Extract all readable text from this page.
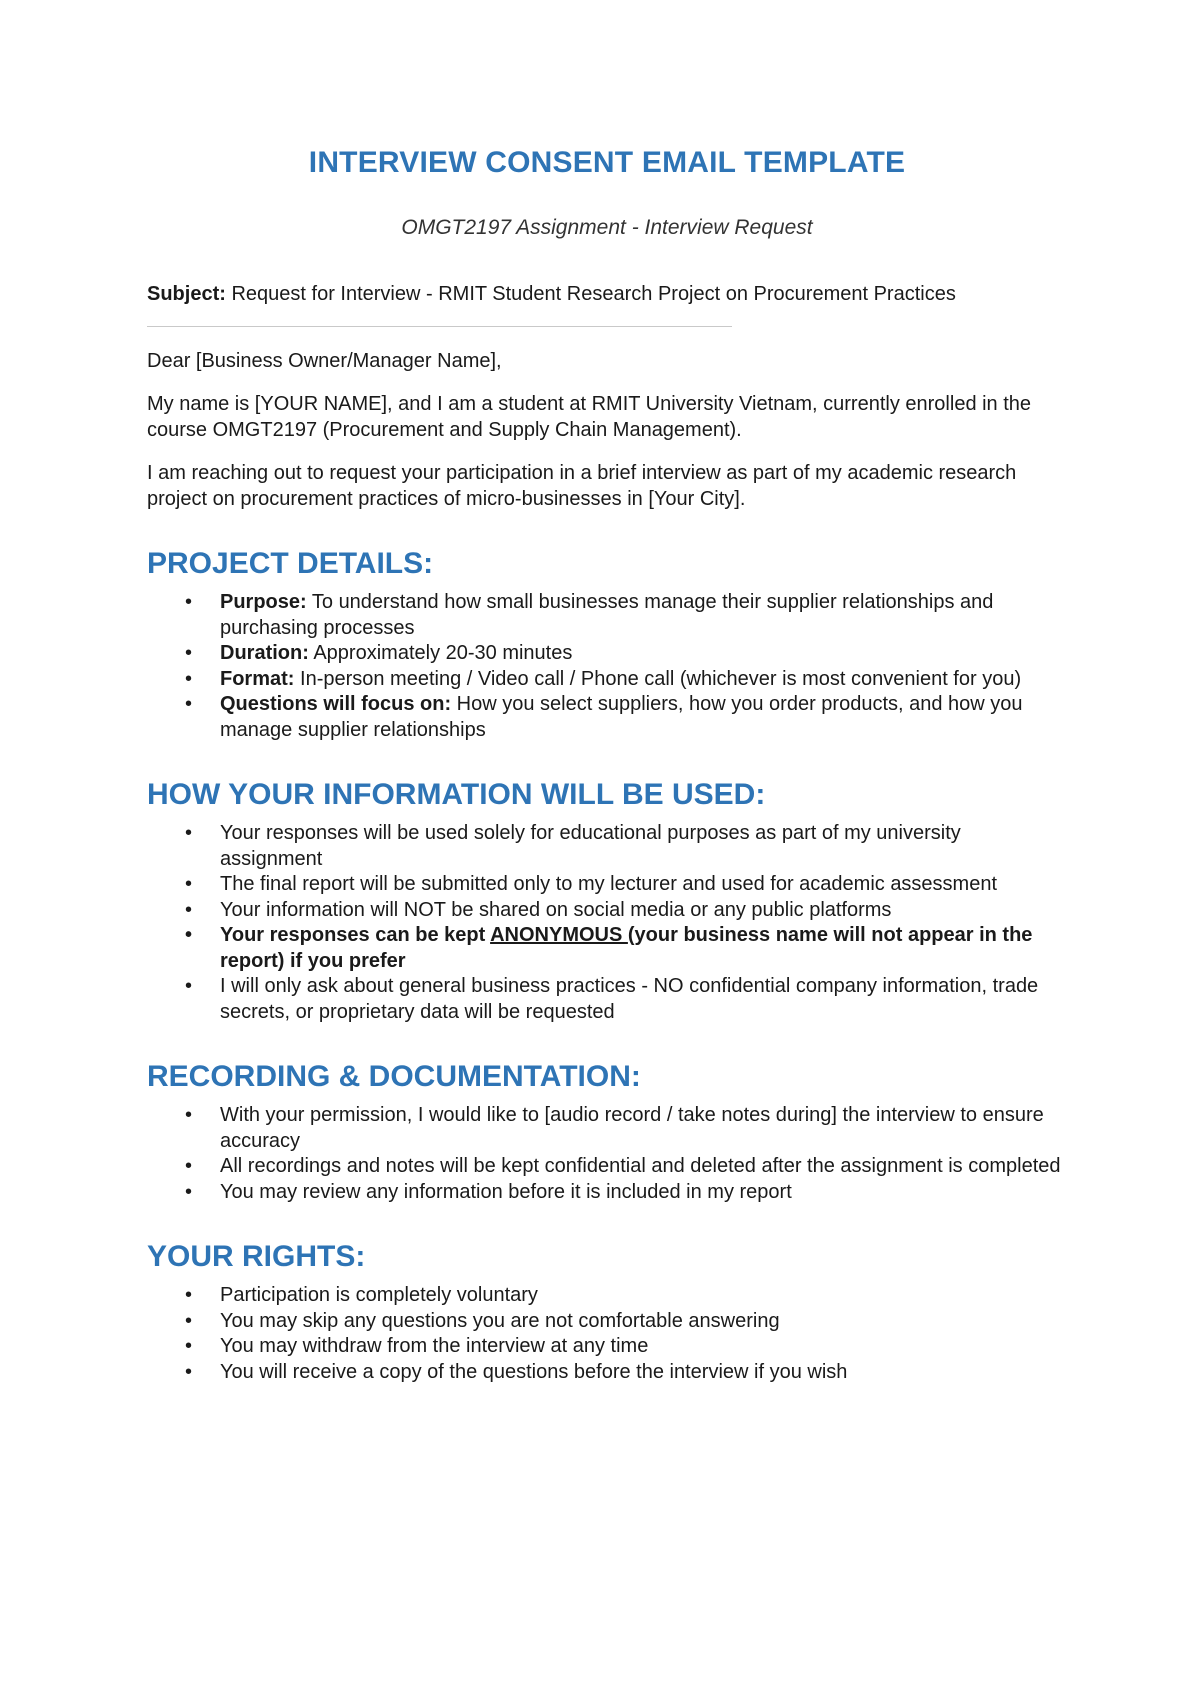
INTERVIEW CONSENT EMAIL TEMPLATE

OMGT2197 Assignment - Interview Request

Subject: Request for Interview - RMIT Student Research Project on Procurement Practices

Dear [Business Owner/Manager Name],

My name is [YOUR NAME], and I am a student at RMIT University Vietnam, currently enrolled in the course OMGT2197 (Procurement and Supply Chain Management).

I am reaching out to request your participation in a brief interview as part of my academic research project on procurement practices of micro-businesses in [Your City].

PROJECT DETAILS:
• Purpose: To understand how small businesses manage their supplier relationships and purchasing processes
• Duration: Approximately 20-30 minutes
• Format: In-person meeting / Video call / Phone call (whichever is most convenient for you)
• Questions will focus on: How you select suppliers, how you order products, and how you manage supplier relationships
HOW YOUR INFORMATION WILL BE USED:
• Your responses will be used solely for educational purposes as part of my university assignment
• The final report will be submitted only to my lecturer and used for academic assessment
• Your information will NOT be shared on social media or any public platforms
• Your responses can be kept ANONYMOUS (your business name will not appear in the report) if you prefer
• I will only ask about general business practices - NO confidential company information, trade secrets, or proprietary data will be requested
RECORDING & DOCUMENTATION:
• With your permission, I would like to [audio record / take notes during] the interview to ensure accuracy
• All recordings and notes will be kept confidential and deleted after the assignment is completed
• You may review any information before it is included in my report
YOUR RIGHTS:
• Participation is completely voluntary
• You may skip any questions you are not comfortable answering
• You may withdraw from the interview at any time
• You will receive a copy of the questions before the interview if you wish
